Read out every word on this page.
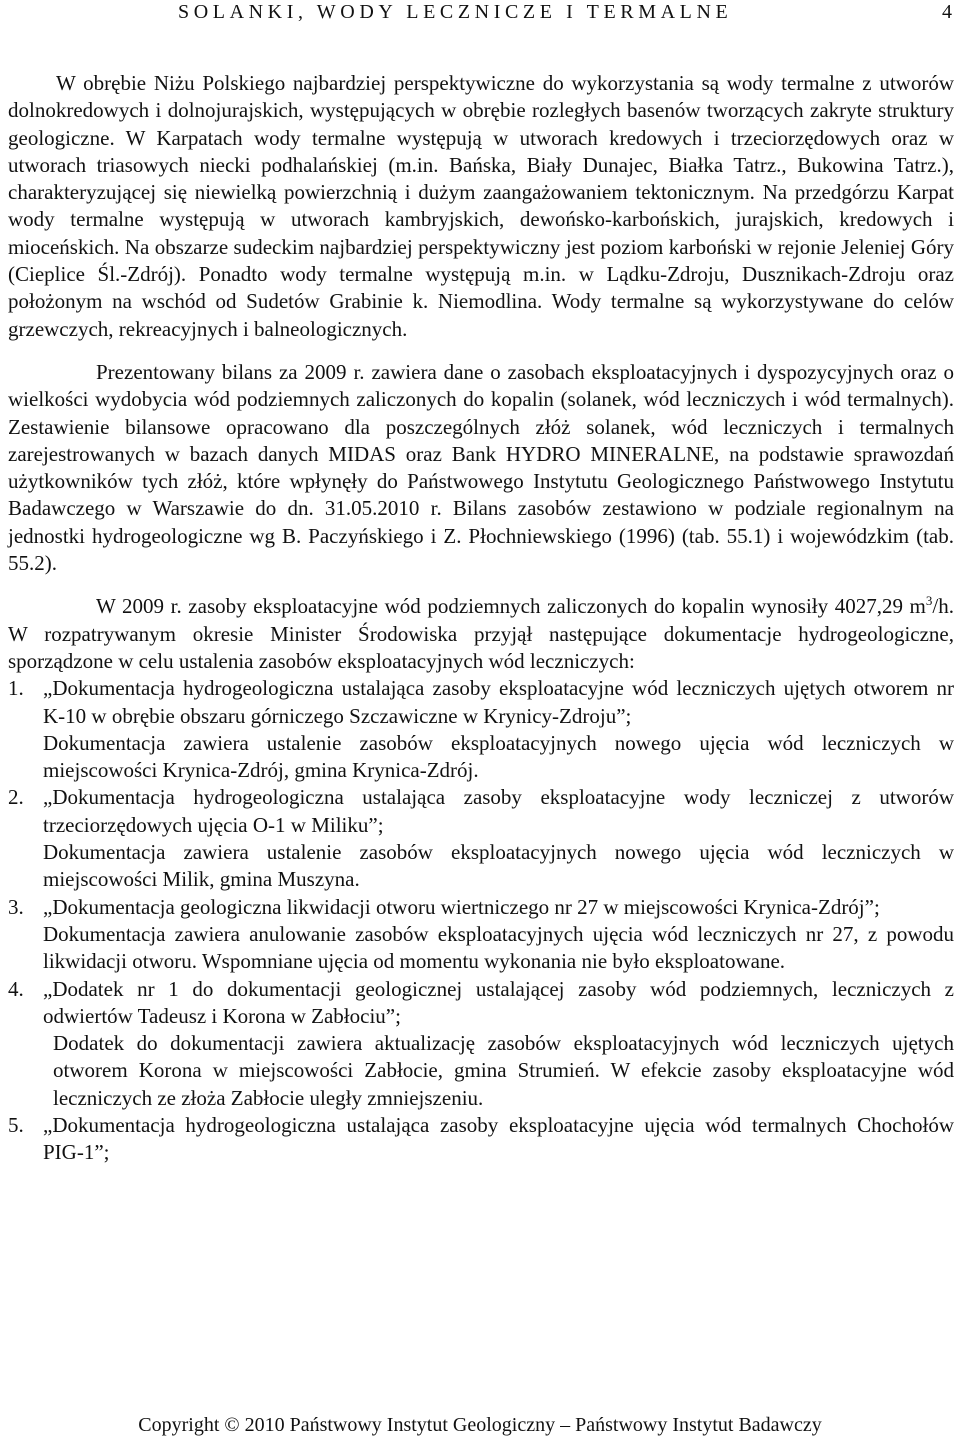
SOLANKI, WODY LECZNICZE I TERMALNE	4

W obrębie Niżu Polskiego najbardziej perspektywiczne do wykorzystania są wody termalne z utworów dolnokredowych i dolnojurajskich, występujących w obrębie rozległych basenów tworzących zakryte struktury geologiczne. W Karpatach wody termalne występują w utworach kredowych i trzeciorzędowych oraz w utworach triasowych niecki podhalańskiej (m.in. Bańska, Biały Dunajec, Białka Tatrz., Bukowina Tatrz.), charakteryzującej się niewielką powierzchnią i dużym zaangażowaniem tektonicznym. Na przedgórzu Karpat wody termalne występują w utworach kambryjskich, dewońsko-karbońskich, jurajskich, kredowych i mioceńskich. Na obszarze sudeckim najbardziej perspektywiczny jest poziom karboński w rejonie Jeleniej Góry (Cieplice Śl.-Zdrój). Ponadto wody termalne występują m.in. w Lądku-Zdroju, Dusznikach-Zdroju oraz położonym na wschód od Sudetów Grabinie k. Niemodlina. Wody termalne są wykorzystywane do celów grzewczych, rekreacyjnych i balneologicznych.

Prezentowany bilans za 2009 r. zawiera dane o zasobach eksploatacyjnych i dyspozycyjnych oraz o wielkości wydobycia wód podziemnych zaliczonych do kopalin (solanek, wód leczniczych i wód termalnych). Zestawienie bilansowe opracowano dla poszczególnych złóż solanek, wód leczniczych i termalnych zarejestrowanych w bazach danych MIDAS oraz Bank HYDRO MINERALNE, na podstawie sprawozdań użytkowników tych złóż, które wpłynęły do Państwowego Instytutu Geologicznego Państwowego Instytutu Badawczego w Warszawie do dn. 31.05.2010 r. Bilans zasobów zestawiono w podziale regionalnym na jednostki hydrogeologiczne wg B. Paczyńskiego i Z. Płochniewskiego (1996) (tab. 55.1) i wojewódzkim (tab. 55.2).

W 2009 r. zasoby eksploatacyjne wód podziemnych zaliczonych do kopalin wynosiły 4027,29 $m^3/h$. W rozpatrywanym okresie Minister Środowiska przyjął następujące dokumentacje hydrogeologiczne, sporządzone w celu ustalenia zasobów eksploatacyjnych wód leczniczych:

1. „Dokumentacja hydrogeologiczna ustalająca zasoby eksploatacyjne wód leczniczych ujętych otworem nr K-10 w obrębie obszaru górniczego Szczawiczne w Krynicy-Zdroju”;

Dokumentacja zawiera ustalenie zasobów eksploatacyjnych nowego ujęcia wód leczniczych w miejscowości Krynica-Zdrój, gmina Krynica-Zdrój.

2. „Dokumentacja hydrogeologiczna ustalająca zasoby eksploatacyjne wody leczniczej z utworów trzeciorzędowych ujęcia O-1 w Miliku”;

Dokumentacja zawiera ustalenie zasobów eksploatacyjnych nowego ujęcia wód leczniczych w miejscowości Milik, gmina Muszyna.

3. „Dokumentacja geologiczna likwidacji otworu wiertniczego nr 27 w miejscowości Krynica-Zdrój”;

Dokumentacja zawiera anulowanie zasobów eksploatacyjnych ujęcia wód leczniczych nr 27, z powodu likwidacji otworu. Wspomniane ujęcia od momentu wykonania nie było eksploatowane.

4. „Dodatek nr 1 do dokumentacji geologicznej ustalającej zasoby wód podziemnych, leczniczych z odwiertów Tadeusz i Korona w Zabłociu”;

Dodatek do dokumentacji zawiera aktualizację zasobów eksploatacyjnych wód leczniczych ujętych otworem Korona w miejscowości Zabłocie, gmina Strumień. W efekcie zasoby eksploatacyjne wód leczniczych ze złoża Zabłocie uległy zmniejszeniu.

5. „Dokumentacja hydrogeologiczna ustalająca zasoby eksploatacyjne ujęcia wód termalnych Chochołów PIG-1”;

Copyright © 2010 Państwowy Instytut Geologiczny – Państwowy Instytut Badawczy
